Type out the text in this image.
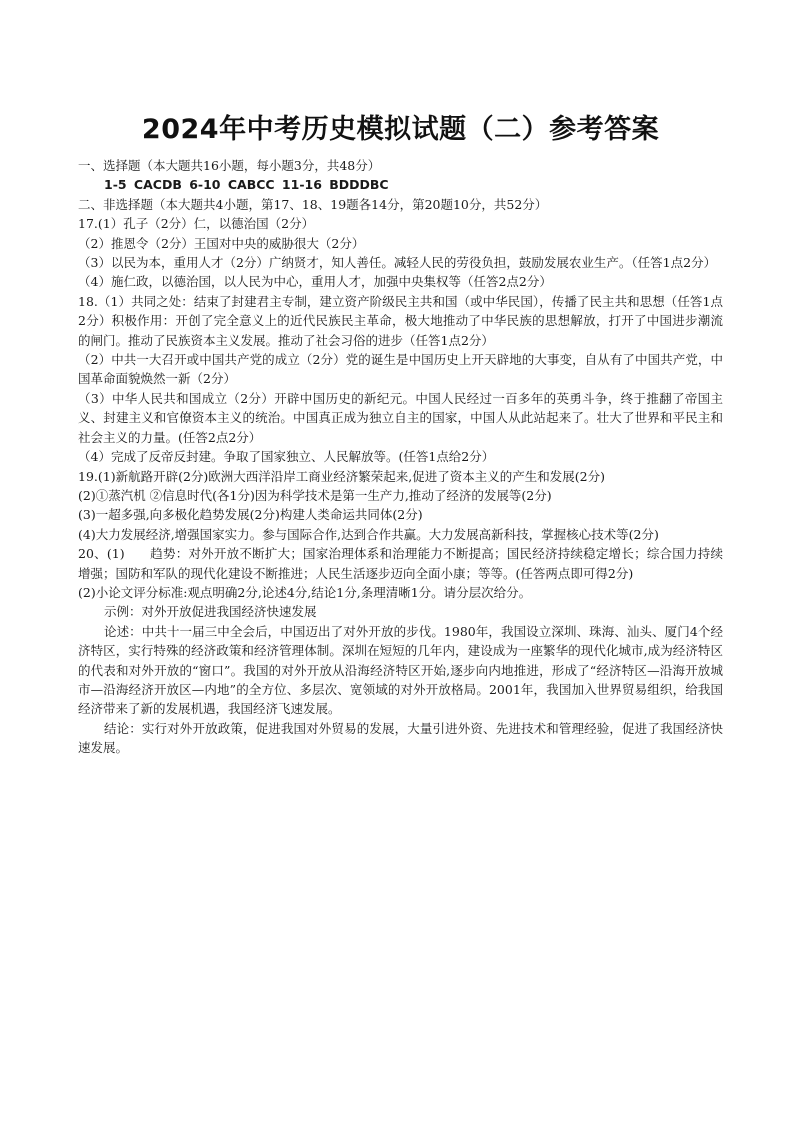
2024年中考历史模拟试题（二）参考答案

一、选择题（本大题共16小题，每小题3分，共48分）

1-5 CACDB 6-10 CABCC 11-16 BDDDBC

二、非选择题（本大题共4小题，第17、18、19题各14分，第20题10分，共52分）

17.(1）孔子（2分）仁，以德治国（2分）

（2）推恩令（2分）王国对中央的威胁很大（2分）

（3）以民为本，重用人才（2分）广纳贤才，知人善任。减轻人民的劳役负担，鼓励发展农业生产。（任答1点2分）

（4）施仁政，以德治国，以人民为中心，重用人才，加强中央集权等（任答2点2分）

18.（1）共同之处：结束了封建君主专制，建立资产阶级民主共和国（或中华民国），传播了民主共和思想（任答1点2分）积极作用：开创了完全意义上的近代民族民主革命，极大地推动了中华民族的思想解放，打开了中国进步潮流的闸门。推动了民族资本主义发展。推动了社会习俗的进步（任答1点2分）

（2）中共一大召开或中国共产党的成立（2分）党的诞生是中国历史上开天辟地的大事变，自从有了中国共产党，中国革命面貌焕然一新（2分）

（3）中华人民共和国成立（2分）开辟中国历史的新纪元。中国人民经过一百多年的英勇斗争，终于推翻了帝国主义、封建主义和官僚资本主义的统治。中国真正成为独立自主的国家，中国人从此站起来了。壮大了世界和平民主和社会主义的力量。(任答2点2分）

（4）完成了反帝反封建。争取了国家独立、人民解放等。(任答1点给2分）

19.(1)新航路开辟(2分)欧洲大西洋沿岸工商业经济繁荣起来,促进了资本主义的产生和发展(2分)

(2)①蒸汽机 ②信息时代(各1分)因为科学技术是第一生产力,推动了经济的发展等(2分)

(3)一超多强,向多极化趋势发展(2分)构建人类命运共同体(2分)

(4)大力发展经济,增强国家实力。参与国际合作,达到合作共赢。大力发展高新科技，掌握核心技术等(2分)

20、(1)　　趋势：对外开放不断扩大；国家治理体系和治理能力不断提高；国民经济持续稳定增长；综合国力持续增强；国防和军队的现代化建设不断推进；人民生活逐步迈向全面小康；等等。(任答两点即可得2分)

(2)小论文评分标准:观点明确2分,论述4分,结论1分,条理清晰1分。请分层次给分。

示例：对外开放促进我国经济快速发展

论述：中共十一届三中全会后，中国迈出了对外开放的步伐。1980年，我国设立深圳、珠海、汕头、厦门4个经济特区，实行特殊的经济政策和经济管理体制。深圳在短短的几年内，建设成为一座繁华的现代化城市,成为经济特区的代表和对外开放的“窗口”。我国的对外开放从沿海经济特区开始,逐步向内地推进，形成了“经济特区—沿海开放城市—沿海经济开放区—内地”的全方位、多层次、宽领域的对外开放格局。2001年，我国加入世界贸易组织，给我国经济带来了新的发展机遇，我国经济飞速发展。

结论：实行对外开放政策，促进我国对外贸易的发展，大量引进外资、先进技术和管理经验，促进了我国经济快速发展。
